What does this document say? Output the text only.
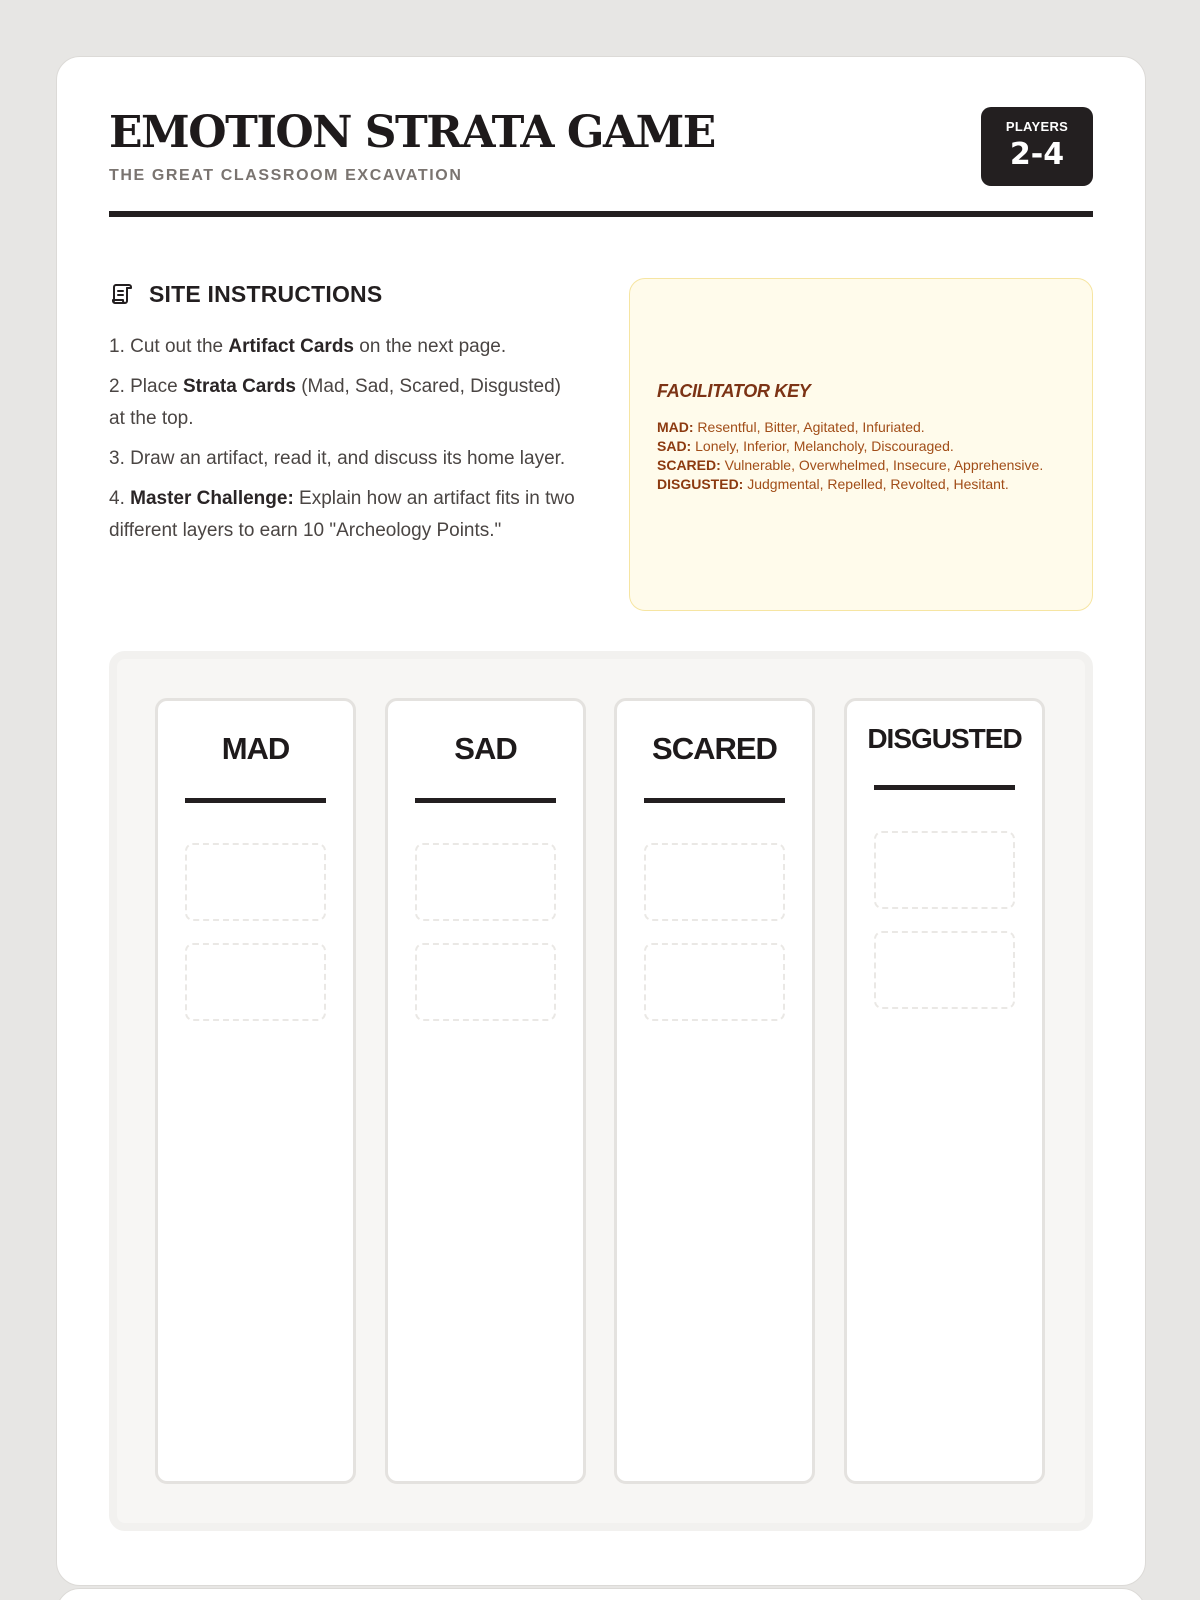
EMOTION STRATA GAME
THE GREAT CLASSROOM EXCAVATION
PLAYERS
2-4
SITE INSTRUCTIONS
1. Cut out the Artifact Cards on the next page.
2. Place Strata Cards (Mad, Sad, Scared, Disgusted) at the top.
3. Draw an artifact, read it, and discuss its home layer.
4. Master Challenge: Explain how an artifact fits in two different layers to earn 10 "Archeology Points."
FACILITATOR KEY
MAD: Resentful, Bitter, Agitated, Infuriated.
SAD: Lonely, Inferior, Melancholy, Discouraged.
SCARED: Vulnerable, Overwhelmed, Insecure, Apprehensive.
DISGUSTED: Judgmental, Repelled, Revolted, Hesitant.
MAD	SAD	SCARED	DISGUSTED
